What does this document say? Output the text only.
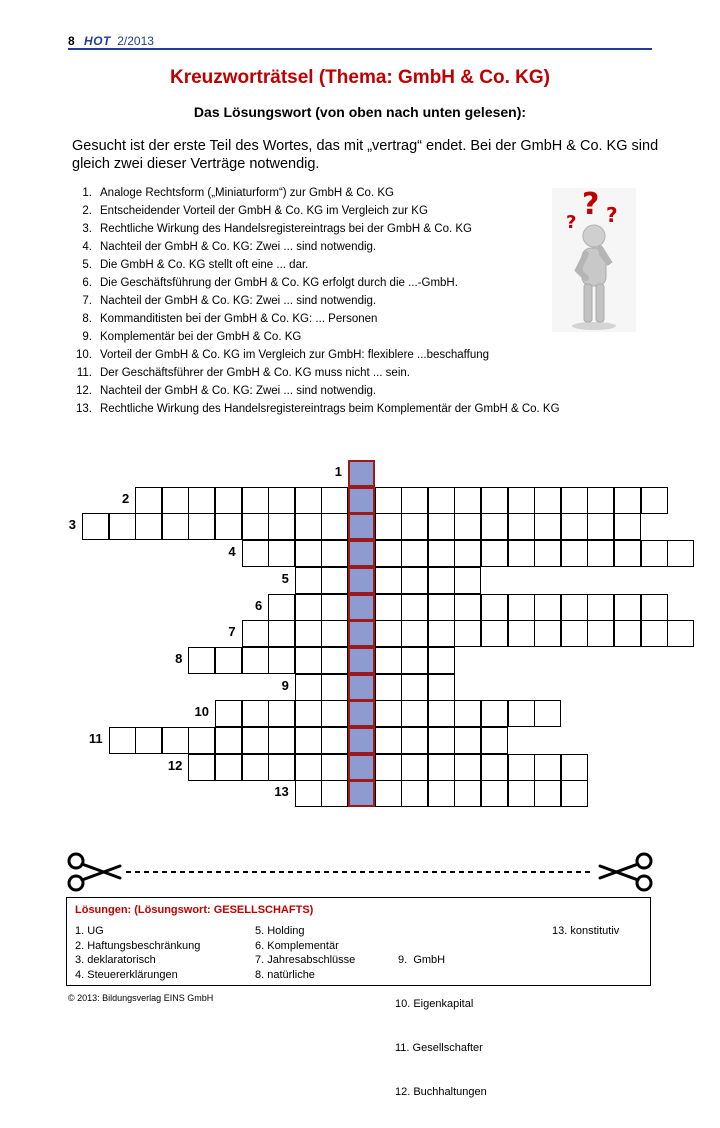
8 HOT 2/2013
Kreuzworträtsel (Thema: GmbH & Co. KG)
Das Lösungswort (von oben nach unten gelesen):
Gesucht ist der erste Teil des Wortes, das mit „vertrag“ endet. Bei der GmbH & Co. KG sind gleich zwei dieser Verträge notwendig.
1. Analoge Rechtsform („Miniaturform“) zur GmbH & Co. KG
2. Entscheidender Vorteil der GmbH & Co. KG im Vergleich zur KG
3. Rechtliche Wirkung des Handelsregistereintrags bei der GmbH & Co. KG
4. Nachteil der GmbH & Co. KG: Zwei ... sind notwendig.
5. Die GmbH & Co. KG stellt oft eine ... dar.
6. Die Geschäftsführung der GmbH & Co. KG erfolgt durch die ...-GmbH.
7. Nachteil der GmbH & Co. KG: Zwei ... sind notwendig.
8. Kommanditisten bei der GmbH & Co. KG: ... Personen
9. Komplementär bei der GmbH & Co. KG
10. Vorteil der GmbH & Co. KG im Vergleich zur GmbH: flexiblere ...beschaffung
11. Der Geschäftsführer der GmbH & Co. KG muss nicht ... sein.
12. Nachteil der GmbH & Co. KG: Zwei ... sind notwendig.
13. Rechtliche Wirkung des Handelsregistereintrags beim Komplementär der GmbH & Co. KG
?
? ?
1
2
3
4
5
6
7
8
9
10
11
12
13
Lösungen: (Lösungswort: GESELLSCHAFTS)
1. UG
2. Haftungsbeschränkung
3. deklaratorisch
4. Steuererklärungen
5. Holding
6. Komplementär
7. Jahresabschlüsse
8. natürliche

9.  GmbH

10. Eigenkapital

11. Gesellschafter

12. Buchhaltungen

13. konstitutiv
© 2013: Bildungsverlag EINS GmbH
